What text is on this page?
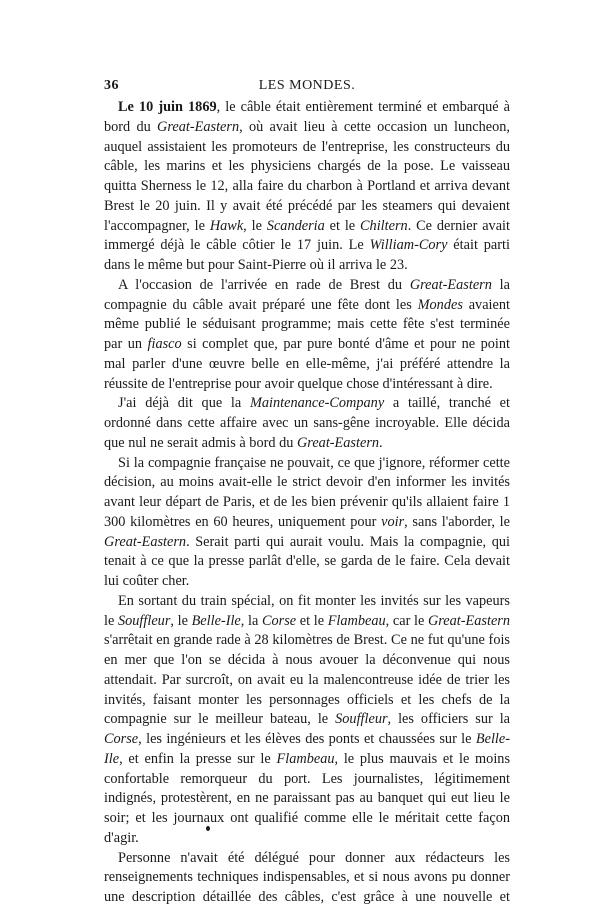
36	LES MONDES.

Le 10 juin 1869, le câble était entièrement terminé et embarqué à bord du Great-Eastern, où avait lieu à cette occasion un luncheon, auquel assistaient les promoteurs de l'entreprise, les constructeurs du câble, les marins et les physiciens chargés de la pose. Le vaisseau quitta Sherness le 12, alla faire du charbon à Portland et arriva devant Brest le 20 juin. Il y avait été précédé par les steamers qui devaient l'accompagner, le Hawk, le Scanderia et le Chiltern. Ce dernier avait immergé déjà le câble côtier le 17 juin. Le William-Cory était parti dans le même but pour Saint-Pierre où il arriva le 23.

A l'occasion de l'arrivée en rade de Brest du Great-Eastern la compagnie du câble avait préparé une fête dont les Mondes avaient même publié le séduisant programme; mais cette fête s'est terminée par un fiasco si complet que, par pure bonté d'âme et pour ne point mal parler d'une œuvre belle en elle-même, j'ai préféré attendre la réussite de l'entreprise pour avoir quelque chose d'intéressant à dire.

J'ai déjà dit que la Maintenance-Company a taillé, tranché et ordonné dans cette affaire avec un sans-gêne incroyable. Elle décida que nul ne serait admis à bord du Great-Eastern.

Si la compagnie française ne pouvait, ce que j'ignore, réformer cette décision, au moins avait-elle le strict devoir d'en informer les invités avant leur départ de Paris, et de les bien prévenir qu'ils allaient faire 1 300 kilomètres en 60 heures, uniquement pour voir, sans l'aborder, le Great-Eastern. Serait parti qui aurait voulu. Mais la compagnie, qui tenait à ce que la presse parlât d'elle, se garda de le faire. Cela devait lui coûter cher.

En sortant du train spécial, on fit monter les invités sur les vapeurs le Souffleur, le Belle-Ile, la Corse et le Flambeau, car le Great-Eastern s'arrêtait en grande rade à 28 kilomètres de Brest. Ce ne fut qu'une fois en mer que l'on se décida à nous avouer la déconvenue qui nous attendait. Par surcroît, on avait eu la malencontreuse idée de trier les invités, faisant monter les personnages officiels et les chefs de la compagnie sur le meilleur bateau, le Souffleur, les officiers sur la Corse, les ingénieurs et les élèves des ponts et chaussées sur le Belle-Ile, et enfin la presse sur le Flambeau, le plus mauvais et le moins confortable remorqueur du port. Les journalistes, légitimement indignés, protestèrent, en ne paraissant pas au banquet qui eut lieu le soir; et les journaux ont qualifié comme elle le méritait cette façon d'agir.

Personne n'avait été délégué pour donner aux rédacteurs les renseignements techniques indispensables, et si nous avons pu donner une description détaillée des câbles, c'est grâce à une nouvelle et
